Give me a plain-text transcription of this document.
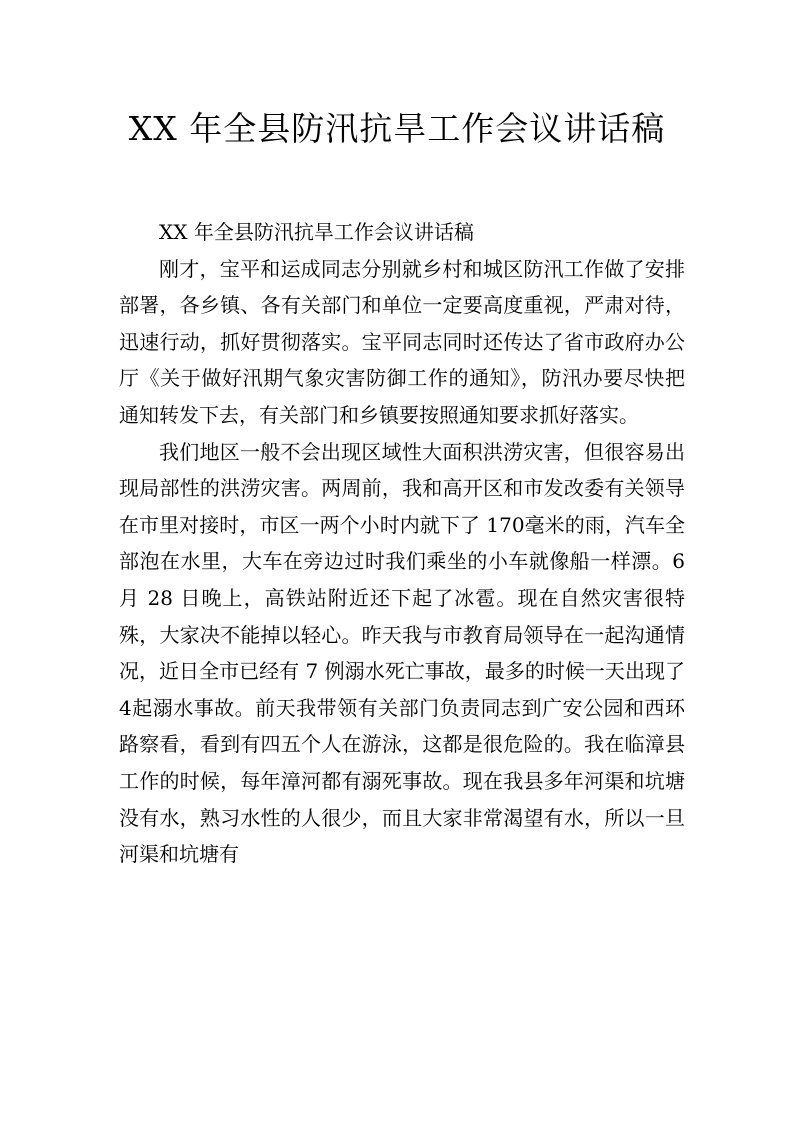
XX 年全县防汛抗旱工作会议讲话稿

XX 年全县防汛抗旱工作会议讲话稿

刚才，宝平和运成同志分别就乡村和城区防汛工作做了安排部署，各乡镇、各有关部门和单位一定要高度重视，严肃对待，迅速行动，抓好贯彻落实。宝平同志同时还传达了省市政府办公厅《关于做好汛期气象灾害防御工作的通知》，防汛办要尽快把通知转发下去，有关部门和乡镇要按照通知要求抓好落实。

我们地区一般不会出现区域性大面积洪涝灾害，但很容易出现局部性的洪涝灾害。两周前，我和高开区和市发改委有关领导在市里对接时，市区一两个小时内就下了 170毫米的雨，汽车全部泡在水里，大车在旁边过时我们乘坐的小车就像船一样漂。6 月 28 日晚上，高铁站附近还下起了冰雹。现在自然灾害很特殊，大家决不能掉以轻心。昨天我与市教育局领导在一起沟通情况，近日全市已经有 7 例溺水死亡事故，最多的时候一天出现了 4起溺水事故。前天我带领有关部门负责同志到广安公园和西环路察看，看到有四五个人在游泳，这都是很危险的。我在临漳县工作的时候，每年漳河都有溺死事故。现在我县多年河渠和坑塘没有水，熟习水性的人很少，而且大家非常渴望有水，所以一旦河渠和坑塘有
